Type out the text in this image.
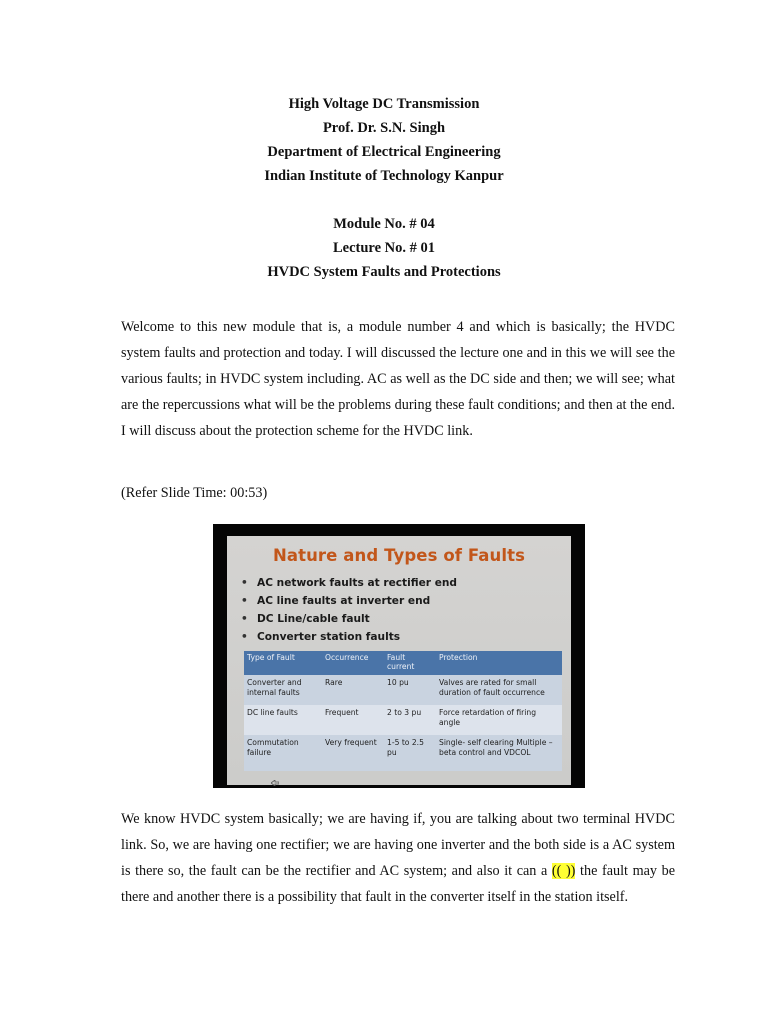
High Voltage DC Transmission
Prof. Dr. S.N. Singh
Department of Electrical Engineering
Indian Institute of Technology Kanpur
Module No. # 04
Lecture No. # 01
HVDC System Faults and Protections

Welcome to this new module that is, a module number 4 and which is basically; the HVDC system faults and protection and today. I will discussed the lecture one and in this we will see the various faults; in HVDC system including. AC as well as the DC side and then; we will see; what are the repercussions what will be the problems during these fault conditions; and then at the end. I will discuss about the protection scheme for the HVDC link.

(Refer Slide Time: 00:53)

Nature and Types of Faults
• AC network faults at rectifier end
• AC line faults at inverter end
• DC Line/cable fault
• Converter station faults
Type of Fault	Occurrence	Fault current	Protection
Converter and internal faults	Rare	10 pu	Valves are rated for small duration of fault occurrence
DC line faults	Frequent	2 to 3 pu	Force retardation of firing angle
Commutation failure	Very frequent	1-5 to 2.5 pu	Single- self clearing Multiple – beta control and VDCOL

We know HVDC system basically; we are having if, you are talking about two terminal HVDC link. So, we are having one rectifier; we are having one inverter and the both side is a AC system is there so, the fault can be the rectifier and AC system; and also it can a (( )) the fault may be there and another there is a possibility that fault in the converter itself in the station itself.
